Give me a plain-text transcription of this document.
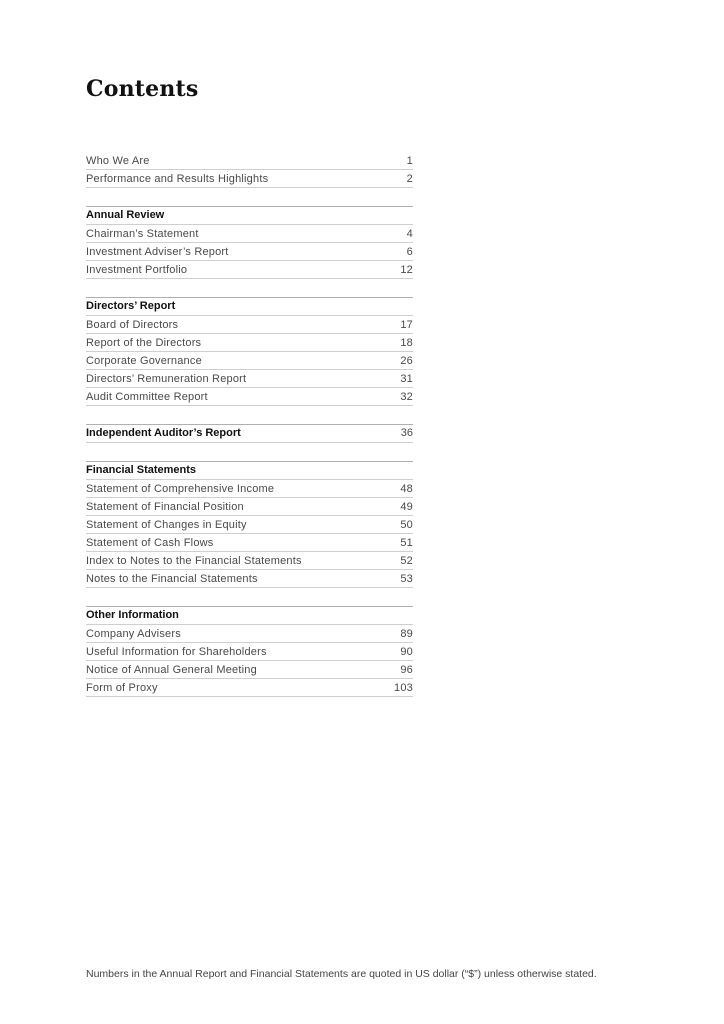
Contents
Who We Are	1
Performance and Results Highlights	2
Annual Review
Chairman’s Statement	4
Investment Adviser’s Report	6
Investment Portfolio	12
Directors’ Report
Board of Directors	17
Report of the Directors	18
Corporate Governance	26
Directors’ Remuneration Report	31
Audit Committee Report	32
Independent Auditor’s Report	36
Financial Statements
Statement of Comprehensive Income	48
Statement of Financial Position	49
Statement of Changes in Equity	50
Statement of Cash Flows	51
Index to Notes to the Financial Statements	52
Notes to the Financial Statements	53
Other Information
Company Advisers	89
Useful Information for Shareholders	90
Notice of Annual General Meeting	96
Form of Proxy	103

Numbers in the Annual Report and Financial Statements are quoted in US dollar (“$”) unless otherwise stated.
